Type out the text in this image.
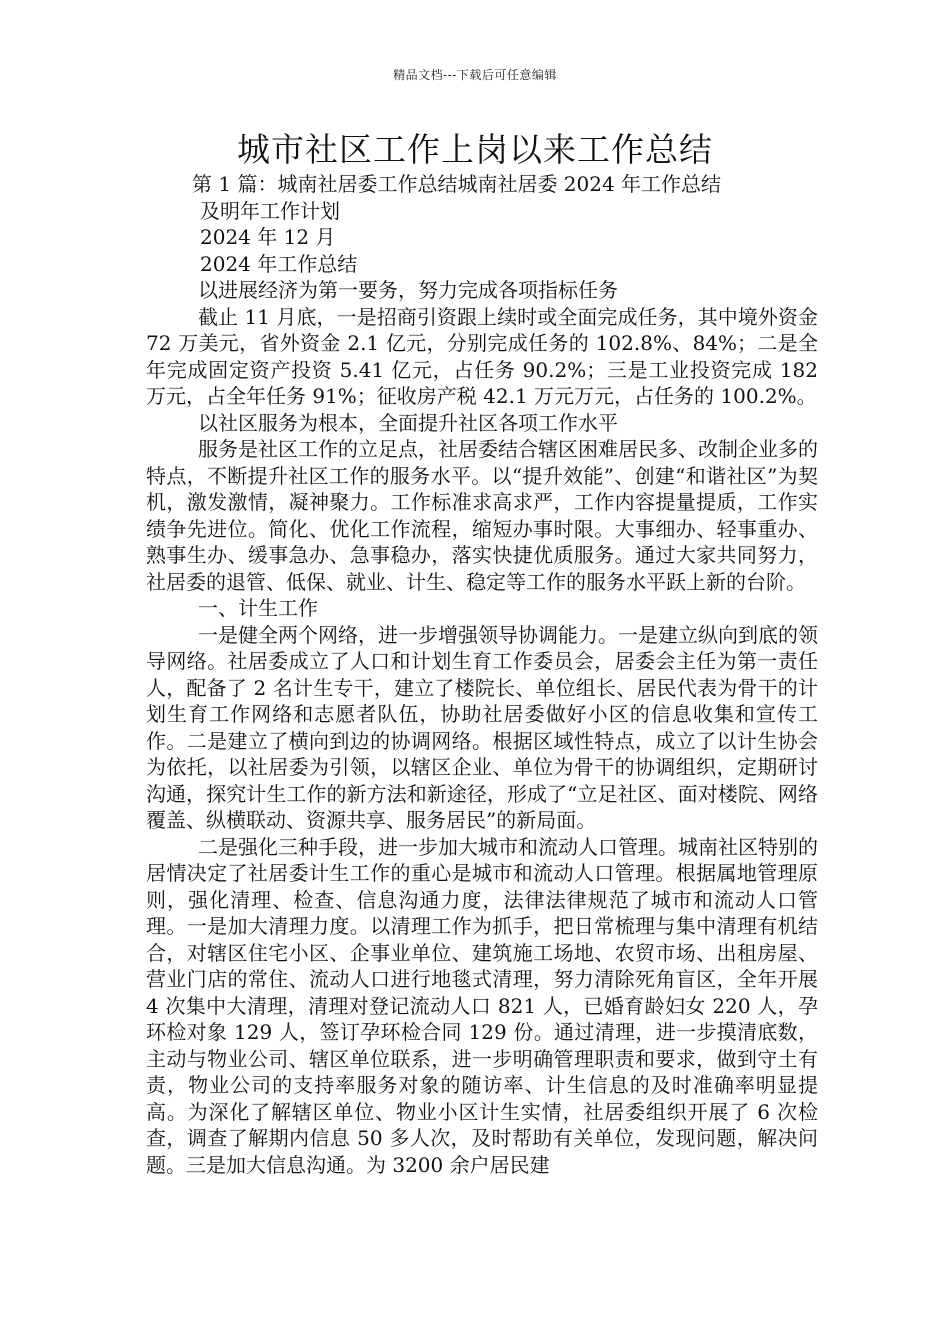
精品文档---下载后可任意编辑
城市社区工作上岗以来工作总结

第 1 篇：城南社居委工作总结城南社居委 2024 年工作总结

及明年工作计划

2024 年 12 月

2024 年工作总结

以进展经济为第一要务，努力完成各项指标任务

截止 11 月底，一是招商引资跟上续时或全面完成任务，其中境外资金 72 万美元，省外资金 2.1 亿元，分别完成任务的 102.8%、84%；二是全年完成固定资产投资 5.41 亿元，占任务 90.2%；三是工业投资完成 182 万元，占全年任务 91%；征收房产税 42.1 万元万元，占任务的 100.2%。

以社区服务为根本，全面提升社区各项工作水平

服务是社区工作的立足点，社居委结合辖区困难居民多、改制企业多的特点，不断提升社区工作的服务水平。以“提升效能”、创建“和谐社区”为契机，激发激情，凝神聚力。工作标准求高求严，工作内容提量提质，工作实绩争先进位。简化、优化工作流程，缩短办事时限。大事细办、轻事重办、熟事生办、缓事急办、急事稳办，落实快捷优质服务。通过大家共同努力，社居委的退管、低保、就业、计生、稳定等工作的服务水平跃上新的台阶。

一、计生工作

一是健全两个网络，进一步增强领导协调能力。一是建立纵向到底的领导网络。社居委成立了人口和计划生育工作委员会，居委会主任为第一责任人，配备了 2 名计生专干，建立了楼院长、单位组长、居民代表为骨干的计划生育工作网络和志愿者队伍，协助社居委做好小区的信息收集和宣传工作。二是建立了横向到边的协调网络。根据区域性特点，成立了以计生协会为依托，以社居委为引领，以辖区企业、单位为骨干的协调组织，定期研讨沟通，探究计生工作的新方法和新途径，形成了“立足社区、面对楼院、网络覆盖、纵横联动、资源共享、服务居民”的新局面。

二是强化三种手段，进一步加大城市和流动人口管理。城南社区特别的居情决定了社居委计生工作的重心是城市和流动人口管理。根据属地管理原则，强化清理、检查、信息沟通力度，法律法律规范了城市和流动人口管理。一是加大清理力度。以清理工作为抓手，把日常梳理与集中清理有机结合，对辖区住宅小区、企事业单位、建筑施工场地、农贸市场、出租房屋、营业门店的常住、流动人口进行地毯式清理，努力清除死角盲区，全年开展 4 次集中大清理，清理对登记流动人口 821 人，已婚育龄妇女 220 人，孕环检对象 129 人，签订孕环检合同 129 份。通过清理，进一步摸清底数，主动与物业公司、辖区单位联系，进一步明确管理职责和要求，做到守土有责，物业公司的支持率服务对象的随访率、计生信息的及时准确率明显提高。为深化了解辖区单位、物业小区计生实情，社居委组织开展了 6 次检查，调查了解期内信息 50 多人次，及时帮助有关单位，发现问题，解决问题。三是加大信息沟通。为 3200 余户居民建
